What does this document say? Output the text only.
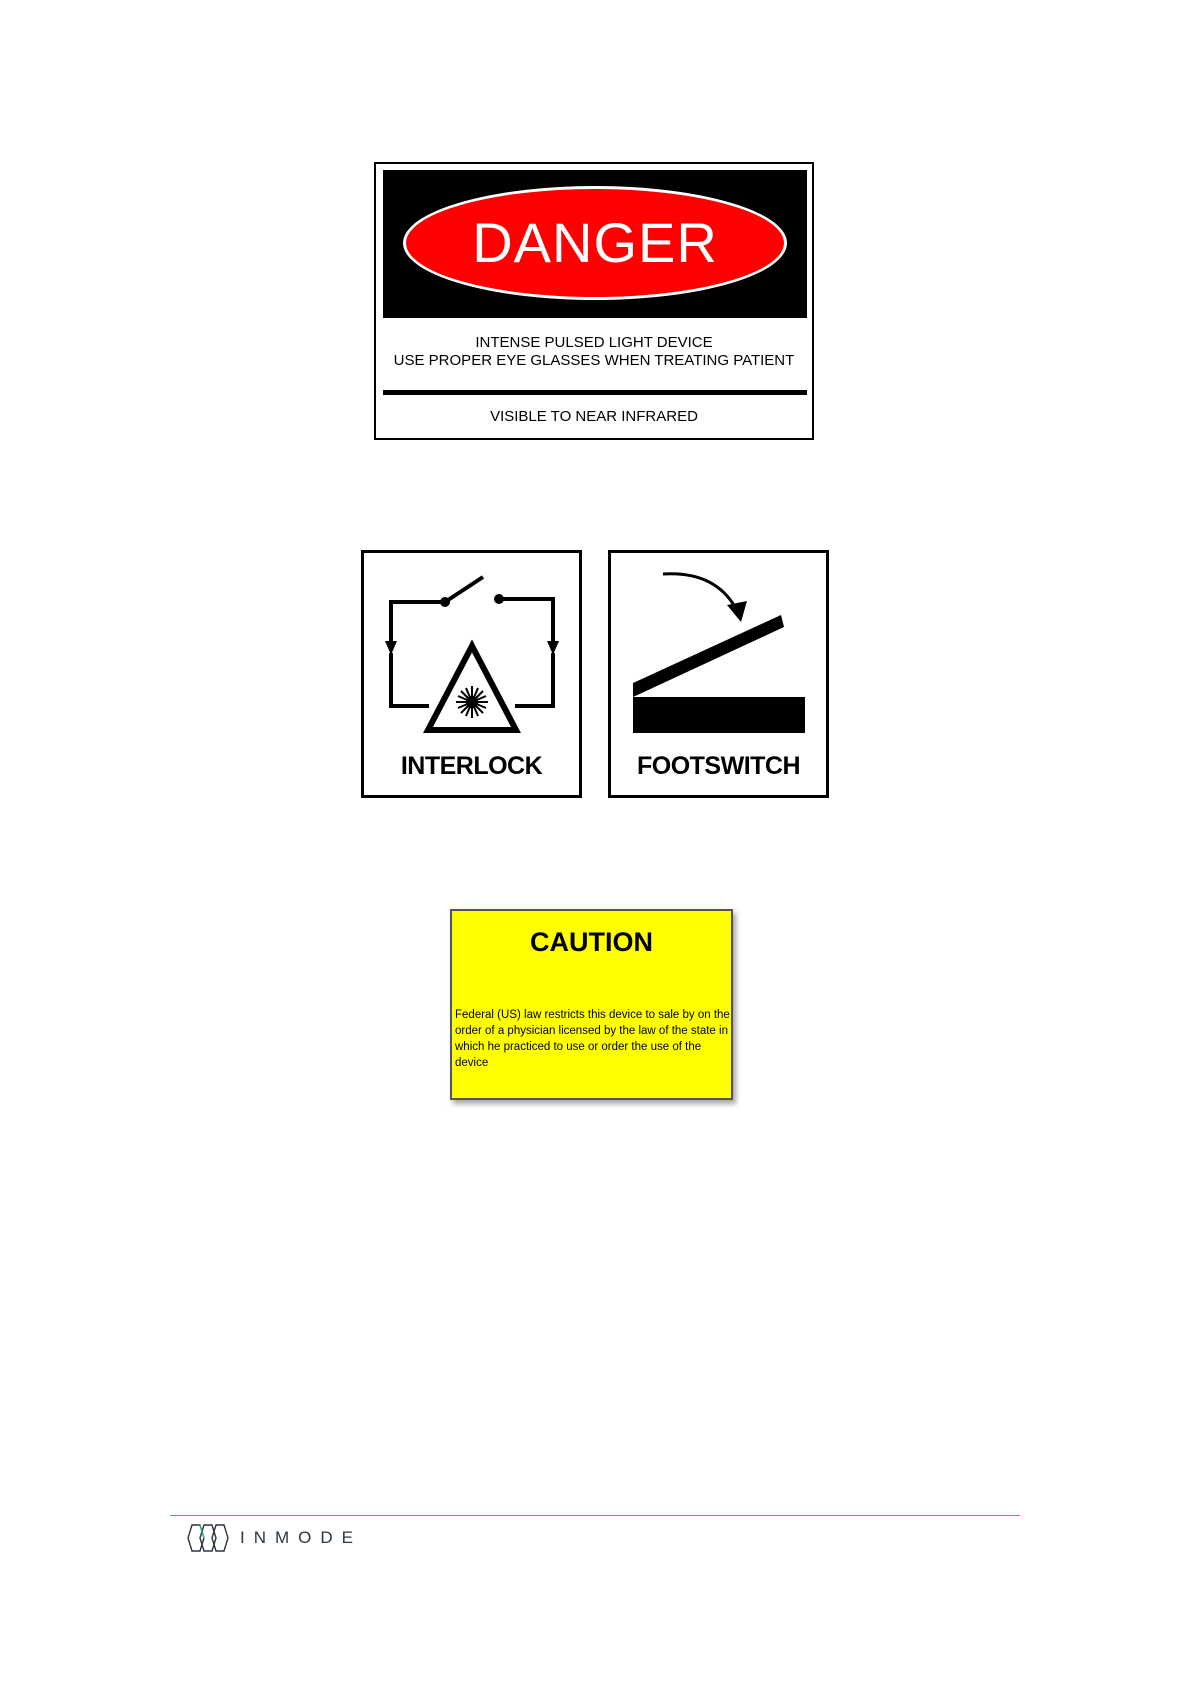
DANGER
INTENSE PULSED LIGHT DEVICE
USE PROPER EYE GLASSES WHEN TREATING PATIENT
VISIBLE TO NEAR INFRARED
INTERLOCK	FOOTSWITCH
CAUTION
Federal (US) law restricts this device to sale by on the order of a physician licensed by the law of the state in which he practiced to use or order the use of the device
INMODE
